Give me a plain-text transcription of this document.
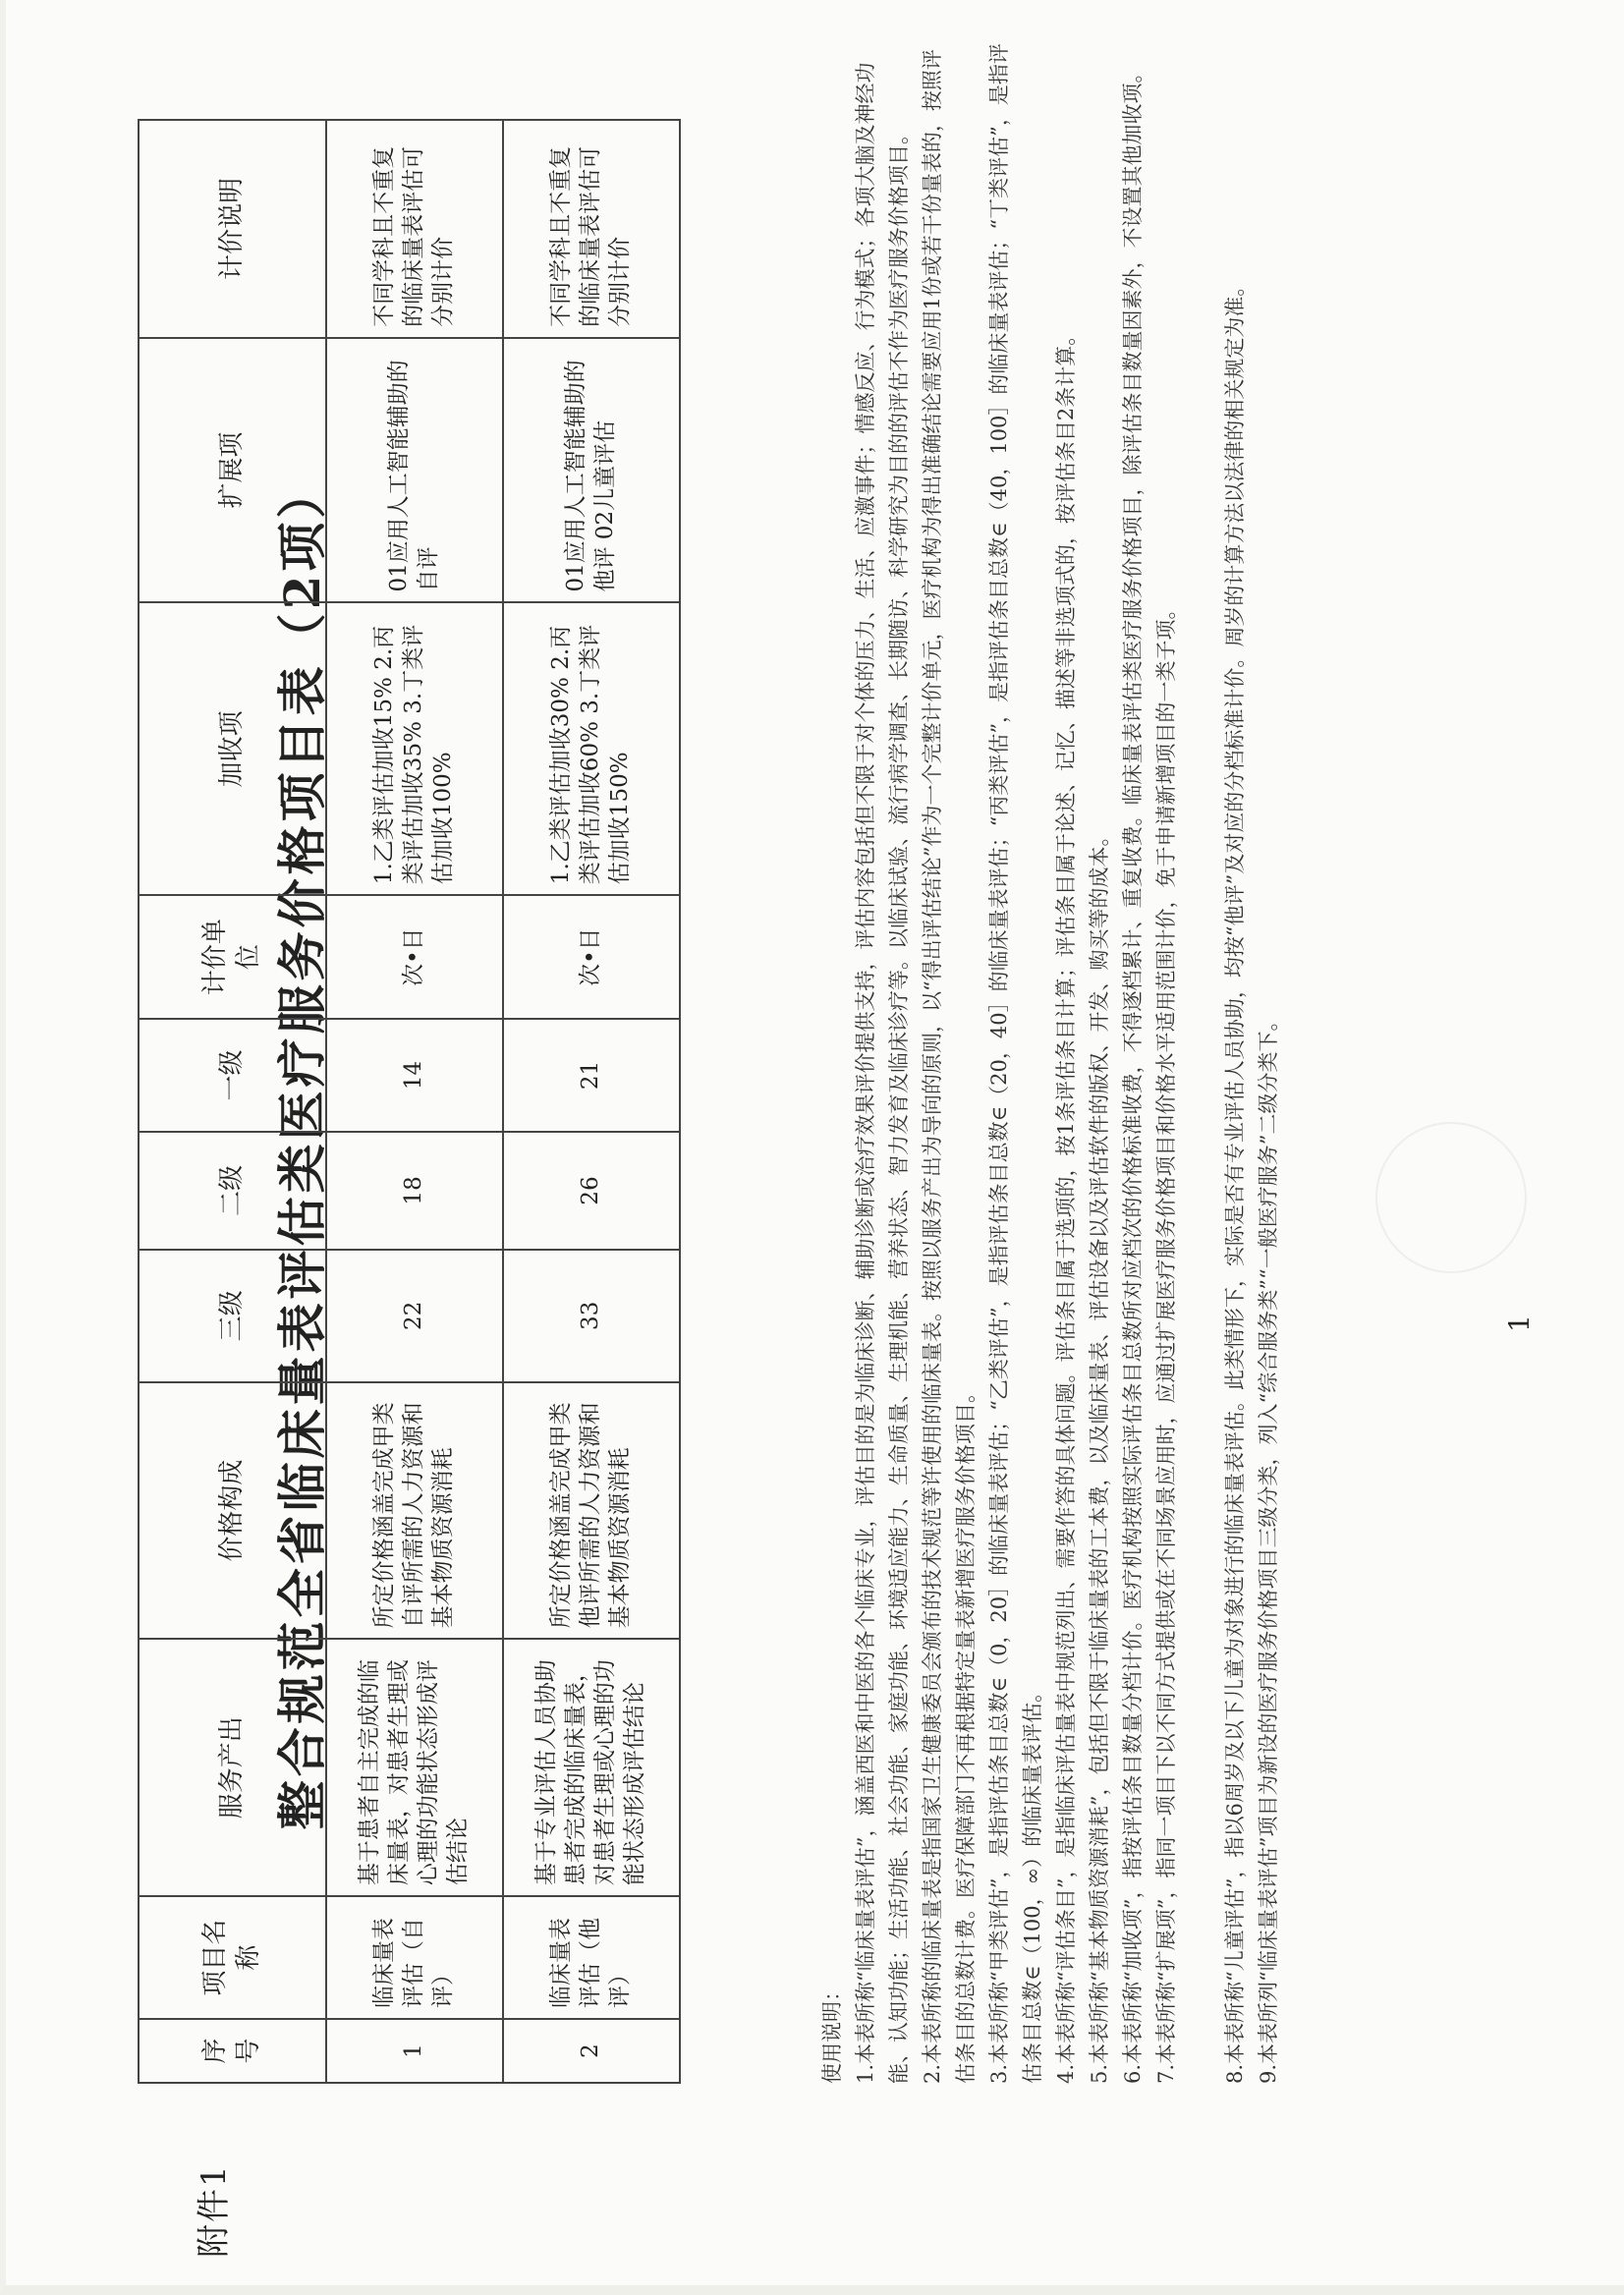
附件1
整合规范全省临床量表评估类医疗服务价格项目表（2项）
序号	项目名称	服务产出	价格构成	三级	二级	一级	计价单位	加收项	扩展项	计价说明
1	临床量表评估（自评）	基于患者自主完成的临床量表，对患者生理或心理的功能状态形成评估结论	所定价格涵盖完成甲类自评所需的人力资源和基本物质资源消耗	22	18	14	次•日	1.乙类评估加收15% 2.丙类评估加收35% 3.丁类评估加收100%	01应用人工智能辅助的自评	不同学科且不重复的临床量表评估可分别计价
2	临床量表评估（他评）	基于专业评估人员协助患者完成的临床量表，对患者生理或心理的功能状态形成评估结论	所定价格涵盖完成甲类他评所需的人力资源和基本物质资源消耗	33	26	21	次•日	1.乙类评估加收30% 2.丙类评估加收60% 3.丁类评估加收150%	01应用人工智能辅助的他评 02儿童评估	不同学科且不重复的临床量表评估可分别计价

使用说明： 1.本表所称“临床量表评估”，涵盖西医和中医的各个临床专业，评估目的是为临床诊断、辅助诊断或治疗效果评价提供支持，评估内容包括但不限于对个体的压力、生活、应激事件；情感反应、行为模式；各项大脑及神经功能、认知功能；生活功能、社会功能、家庭功能、环境适应能力、生命质量、生理机能、营养状态、智力发育及临床诊疗等。以临床试验、流行病学调查、长期随访、科学研究为目的的评估不作为医疗服务价格项目。 2.本表所称的临床量表是指国家卫生健康委员会颁布的技术规范等许使用的临床量表。按照以服务产出为导向的原则，以“得出评估结论”作为一个完整计价单元，医疗机构为得出准确结论需要应用1份或若干份量表的，按照评估条目的总数计费。医疗保障部门不再根据特定量表新增医疗服务价格项目。 3.本表所称“甲类评估”，是指评估条目总数∈（0，20］的临床量表评估；“乙类评估”，是指评估条目总数∈（20，40］的临床量表评估；“丙类评估”，是指评估条目总数∈（40，100］的临床量表评估；“丁类评估”，是指评估条目总数∈（100，∞）的临床量表评估。 4.本表所称“评估条目”，是指临床评估量表中规范列出、需要作答的具体问题。评估条目属于选项的，按1条评估条目计算；评估条目属于论述、记忆、描述等非选项式的，按评估条目2条计算。 5.本表所称“基本物质资源消耗”，包括但不限于临床量表的工本费，以及临床量表、评估设备以及评估软件的版权、开发、购买等的成本。 6.本表所称“加收项”，指按评估条目数量分档计价。医疗机构按照实际评估条目总数所对应档次的价格标准收费，不得逐档累计、重复收费。临床量表评估类医疗服务价格项目，除评估条目数量因素外，不设置其他加收项。 7.本表所称“扩展项”，指同一项目下以不同方式提供或在不同场景应用时，应通过扩展医疗服务价格项目和价格水平适用范围计价，免于申请新增项目的一类子项。 8.本表所称“儿童评估”，指以6周岁及以下儿童为对象进行的临床量表评估。此类情形下，实际是否有专业评估人员协助，均按“他评”及对应的分档标准计价。周岁的计算方法以法律的相关规定为准。 9.本表所列“临床量表评估”项目为新设的医疗服务价格项目三级分类，列入“综合服务类”“一般医疗服务”二级分类下。	1
